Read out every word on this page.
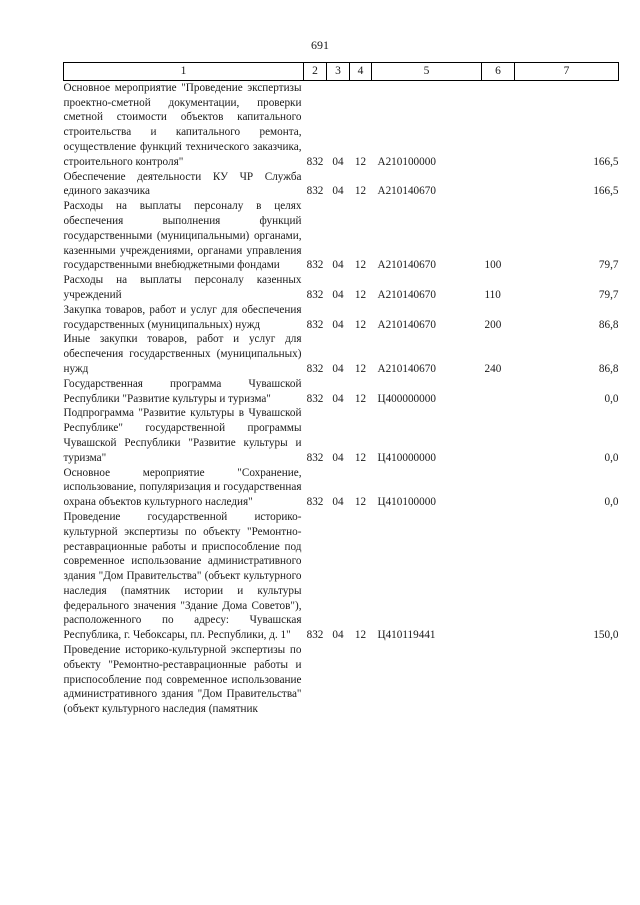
691
1	2	3	4	5	6	7
Основное мероприятие "Проведение экспертизы проектно-сметной документации, проверки сметной стоимости объектов капитального строительства и капитального ремонта, осуществление функций технического заказчика, строительного контроля"	832	04	12	А210100000		166,5
Обеспечение деятельности КУ ЧР Служба единого заказчика	832	04	12	А210140670		166,5
Расходы на выплаты персоналу в целях обеспечения выполнения функций государственными (муниципальными) органами, казенными учреждениями, органами управления государственными внебюджетными фондами	832	04	12	А210140670	100	79,7
Расходы на выплаты персоналу казенных учреждений	832	04	12	А210140670	110	79,7
Закупка товаров, работ и услуг для обеспечения государственных (муниципальных) нужд	832	04	12	А210140670	200	86,8
Иные закупки товаров, работ и услуг для обеспечения государственных (муниципальных) нужд	832	04	12	А210140670	240	86,8
Государственная программа Чувашской Республики "Развитие культуры и туризма"	832	04	12	Ц400000000		0,0
Подпрограмма "Развитие культуры в Чувашской Республике" государственной программы Чувашской Республики "Развитие культуры и туризма"	832	04	12	Ц410000000		0,0
Основное мероприятие "Сохранение, использование, популяризация и государственная охрана объектов культурного наследия"	832	04	12	Ц410100000		0,0
Проведение государственной историко-культурной экспертизы по объекту "Ремонтно-реставрационные работы и приспособление под современное использование административного здания "Дом Правительства" (объект культурного наследия (памятник истории и культуры федерального значения "Здание Дома Советов"), расположенного по адресу: Чувашская Республика, г. Чебоксары, пл. Республики, д. 1"	832	04	12	Ц410119441		150,0
Проведение историко-культурной экспертизы по объекту "Ремонтно-реставрационные работы и приспособление под современное использование административного здания "Дом Правительства" (объект культурного наследия (памятник						
